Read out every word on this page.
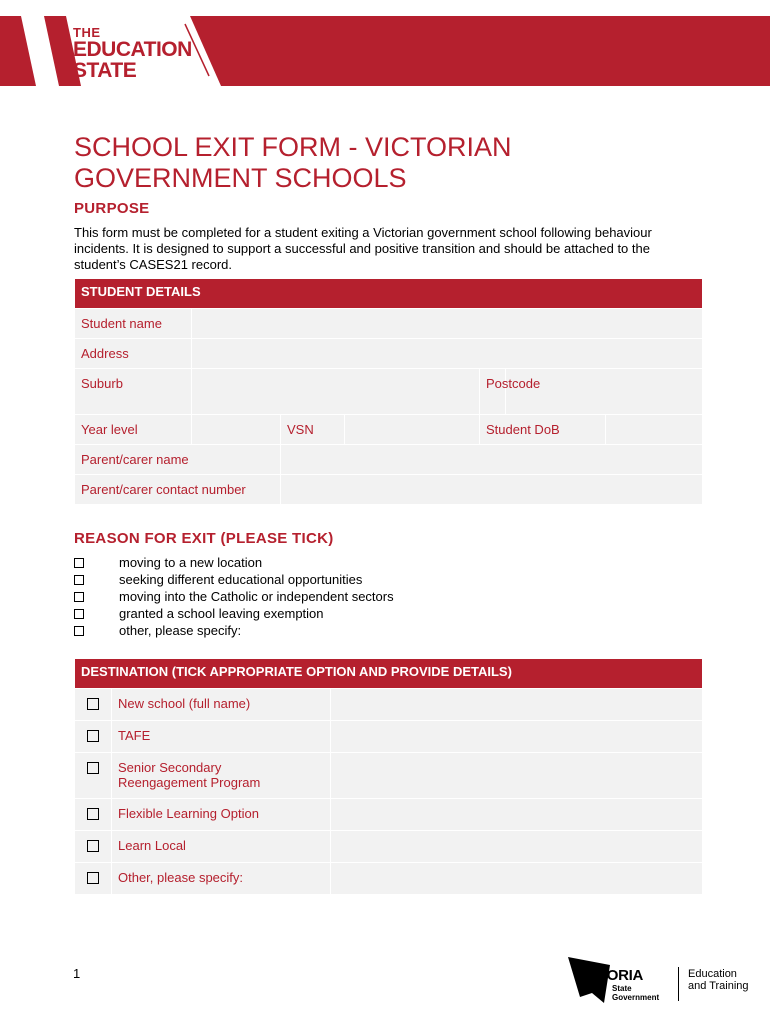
THE
EDUCATION
STATE
SCHOOL EXIT FORM - VICTORIAN GOVERNMENT SCHOOLS
PURPOSE

This form must be completed for a student exiting a Victorian government school following behaviour incidents. It is designed to support a successful and positive transition and should be attached to the student’s CASES21 record.

STUDENT DETAILS						
Student name						
Address						
Suburb				Postcode		

Year level		VSN		Student DoB		
Parent/carer name						
Parent/carer contact number						
REASON FOR EXIT (PLEASE TICK)
moving to a new location
seeking different educational opportunities
moving into the Catholic or independent sectors
granted a school leaving exemption
other, please specify:
DESTINATION (TICK APPROPRIATE OPTION AND PROVIDE DETAILS)		
	New school (full name)	
	TAFE	

	Senior Secondary Reengagement Program	

	Flexible Learning Option	
	Learn Local	
	Other, please specify:	
1	VICTORIA
State
Government
Education
and Training
